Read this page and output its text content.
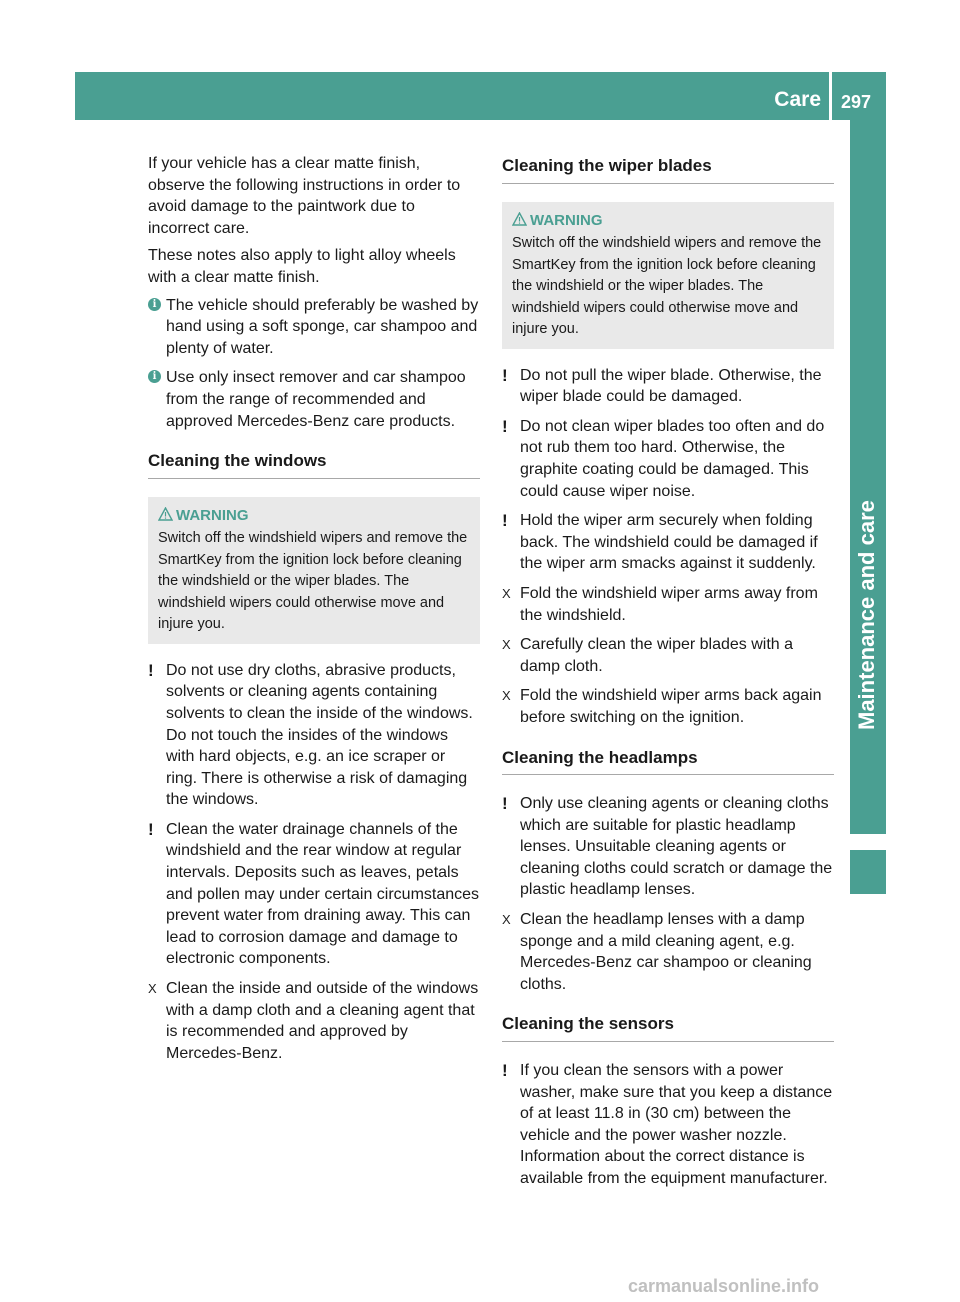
Care 297
Maintenance and care

If your vehicle has a clear matte finish, observe the following instructions in order to avoid damage to the paintwork due to incorrect care.

These notes also apply to light alloy wheels with a clear matte finish.

i The vehicle should preferably be washed by hand using a soft sponge, car shampoo and plenty of water.
i Use only insect remover and car shampoo from the range of recommended and approved Mercedes-Benz care products.
Cleaning the windows
WARNING
Switch off the windshield wipers and remove the SmartKey from the ignition lock before cleaning the windshield or the wiper blades. The windshield wipers could otherwise move and injure you.
! Do not use dry cloths, abrasive products, solvents or cleaning agents containing solvents to clean the inside of the windows. Do not touch the insides of the windows with hard objects, e.g. an ice scraper or ring. There is otherwise a risk of damaging the windows.
! Clean the water drainage channels of the windshield and the rear window at regular intervals. Deposits such as leaves, petals and pollen may under certain circumstances prevent water from draining away. This can lead to corrosion damage and damage to electronic components.
X Clean the inside and outside of the windows with a damp cloth and a cleaning agent that is recommended and approved by Mercedes-Benz.
Cleaning the wiper blades
WARNING
Switch off the windshield wipers and remove the SmartKey from the ignition lock before cleaning the windshield or the wiper blades. The windshield wipers could otherwise move and injure you.
! Do not pull the wiper blade. Otherwise, the wiper blade could be damaged.
! Do not clean wiper blades too often and do not rub them too hard. Otherwise, the graphite coating could be damaged. This could cause wiper noise.
! Hold the wiper arm securely when folding back. The windshield could be damaged if the wiper arm smacks against it suddenly.
X Fold the windshield wiper arms away from the windshield.
X Carefully clean the wiper blades with a damp cloth.
X Fold the windshield wiper arms back again before switching on the ignition.
Cleaning the headlamps
! Only use cleaning agents or cleaning cloths which are suitable for plastic headlamp lenses. Unsuitable cleaning agents or cleaning cloths could scratch or damage the plastic headlamp lenses.
X Clean the headlamp lenses with a damp sponge and a mild cleaning agent, e.g. Mercedes-Benz car shampoo or cleaning cloths.
Cleaning the sensors
! If you clean the sensors with a power washer, make sure that you keep a distance of at least 11.8 in (30 cm) between the vehicle and the power washer nozzle. Information about the correct distance is available from the equipment manufacturer.
carmanualsonline.info
